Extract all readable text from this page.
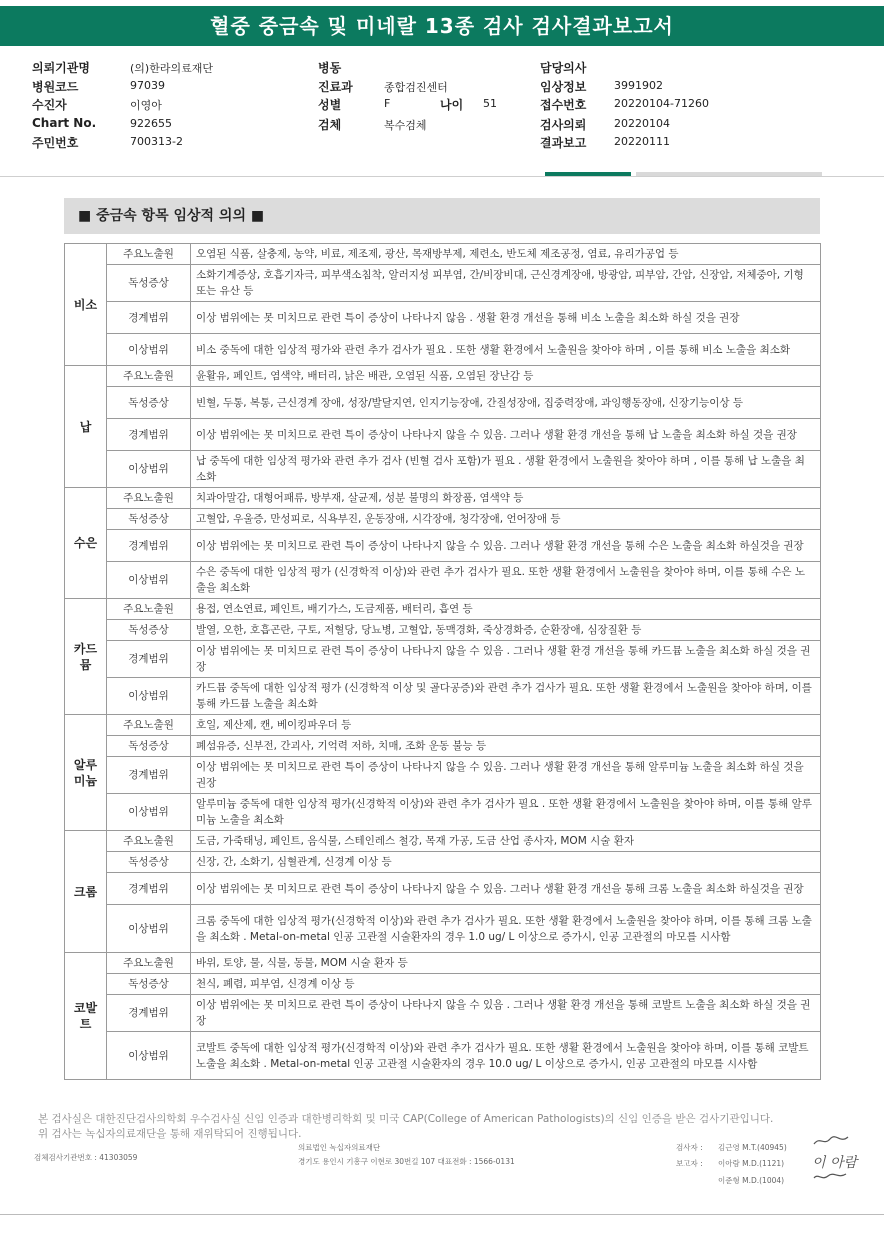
혈중 중금속 및 미네랄 13종 검사 검사결과보고서
의뢰기관명	(의)한라의료재단
병원코드	97039
수진자	이영아
Chart No.	922655
주민번호	700313-2
병동
진료과	종합검진센터
성별	F
검체	복수검체
나이 51
담당의사
임상정보	3991902
접수번호	20220104-71260
검사의뢰	20220104
결과보고	20220111
■ 중금속 항목 임상적 의의 ■
비소	주요노출원	오염된 식품, 살충제, 농약, 비료, 제조제, 광산, 목재방부제, 제련소, 반도체 제조공정, 염료, 유리가공업 등
	독성증상	소화기계증상, 호흡기자극, 피부색소침착, 알러지성 피부염, 간/비장비대, 근신경계장애, 방광암, 피부암, 간암, 신장암, 저체중아, 기형 또는 유산 등
	경계범위	이상 범위에는 못 미치므로 관련 특이 증상이 나타나지 않음 . 생활 환경 개선을 통해 비소 노출을 최소화 하실 것을 권장
	이상범위	비소 중독에 대한 임상적 평가와 관련 추가 검사가 필요 . 또한 생활 환경에서 노출원을 찾아야 하며 , 이를 통해 비소 노출을 최소화
납	주요노출원	윤활유, 페인트, 염색약, 배터리, 낡은 배관, 오염된 식품, 오염된 장난감 등
	독성증상	빈혈, 두통, 복통, 근신경계 장애, 성장/발달지연, 인지기능장애, 간질성장애, 집중력장애, 과잉행동장애, 신장기능이상 등
	경계범위	이상 범위에는 못 미치므로 관련 특이 증상이 나타나지 않을 수 있음. 그러나 생활 환경 개선을 통해 납 노출을 최소화 하실 것을 권장
	이상범위	납 중독에 대한 임상적 평가와 관련 추가 검사 (빈혈 검사 포함)가 필요 . 생활 환경에서 노출원을 찾아야 하며 , 이를 통해 납 노출을 최소화
수은	주요노출원	치과아말감, 대형어패류, 방부재, 살균제, 성분 불명의 화장품, 염색약 등
	독성증상	고혈압, 우울증, 만성피로, 식욕부진, 운동장애, 시각장애, 청각장애, 언어장애 등
	경계범위	이상 범위에는 못 미치므로 관련 특이 증상이 나타나지 않을 수 있음. 그러나 생활 환경 개선을 통해 수은 노출을 최소화 하실것을 권장
	이상범위	수은 중독에 대한 임상적 평가 (신경학적 이상)와 관련 추가 검사가 필요. 또한 생활 환경에서 노출원을 찾아야 하며, 이를 통해 수은 노출을 최소화
카드뮴	주요노출원	용접, 연소연료, 페인트, 배기가스, 도금제품, 배터리, 흡연 등
	독성증상	발열, 오한, 호흡곤란, 구토, 저혈당, 당뇨병, 고혈압, 동맥경화, 죽상경화증, 순환장애, 심장질환 등
	경계범위	이상 범위에는 못 미치므로 관련 특이 증상이 나타나지 않을 수 있음 . 그러나 생활 환경 개선을 통해 카드뮴 노출을 최소화 하실 것을 권장
	이상범위	카드뮴 중독에 대한 임상적 평가 (신경학적 이상 및 골다공증)와 관련 추가 검사가 필요. 또한 생활 환경에서 노출원을 찾아야 하며, 이를 통해 카드뮴 노출을 최소화
알루미늄	주요노출원	호일, 제산제, 캔, 베이킹파우더 등
	독성증상	폐섬유증, 신부전, 간괴사, 기억력 저하, 치매, 조화 운동 불능 등
	경계범위	이상 범위에는 못 미치므로 관련 특이 증상이 나타나지 않을 수 있음. 그러나 생활 환경 개선을 통해 알루미늄 노출을 최소화 하실 것을 권장
	이상범위	알루미늄 중독에 대한 임상적 평가(신경학적 이상)와 관련 추가 검사가 필요 . 또한 생활 환경에서 노출원을 찾아야 하며, 이를 통해 알루미늄 노출을 최소화
크롬	주요노출원	도금, 가죽태닝, 페인트, 음식물, 스테인레스 철강, 목재 가공, 도금 산업 종사자, MOM 시술 환자
	독성증상	신장, 간, 소화기, 심혈관계, 신경계 이상 등
	경계범위	이상 범위에는 못 미치므로 관련 특이 증상이 나타나지 않을 수 있음. 그러나 생활 환경 개선을 통해 크롬 노출을 최소화 하실것을 권장
	이상범위	크롬 중독에 대한 임상적 평가(신경학적 이상)와 관련 추가 검사가 필요. 또한 생활 환경에서 노출원을 찾아야 하며, 이를 통해 크롬 노출을 최소화 . Metal-on-metal 인공 고관절 시술환자의 경우 1.0 ug/ L 이상으로 증가시, 인공 고관절의 마모를 시사함
코발트	주요노출원	바위, 토양, 물, 식물, 동물, MOM 시술 환자 등
	독성증상	천식, 폐렴, 피부염, 신경계 이상 등
	경계범위	이상 범위에는 못 미치므로 관련 특이 증상이 나타나지 않을 수 있음 . 그러나 생활 환경 개선을 통해 코발트 노출을 최소화 하실 것을 권장
	이상범위	코발트 중독에 대한 임상적 평가(신경학적 이상)와 관련 추가 검사가 필요. 또한 생활 환경에서 노출원을 찾아야 하며, 이를 통해 코발트 노출을 최소화 . Metal-on-metal 인공 고관절 시술환자의 경우 10.0 ug/ L 이상으로 증가시, 인공 고관절의 마모를 시사함
본 검사실은 대한진단검사의학회 우수검사실 신임 인증과 대한병리학회 및 미국 CAP(College of American Pathologists)의 신임 인증을 받은 검사기관입니다.
위 검사는 녹십자의료재단을 통해 재위탁되어 진행됩니다.
검체검사기관번호 : 41303059
의료법인 녹십자의료재단
경기도 용인시 기흥구 이현로 30번길 107 대표전화 : 1566-0131
검사자 : 김근영 M.T.(40945)
보고자 : 이아람 M.D.(1121)
이준형 M.D.(1004)
이 아람
